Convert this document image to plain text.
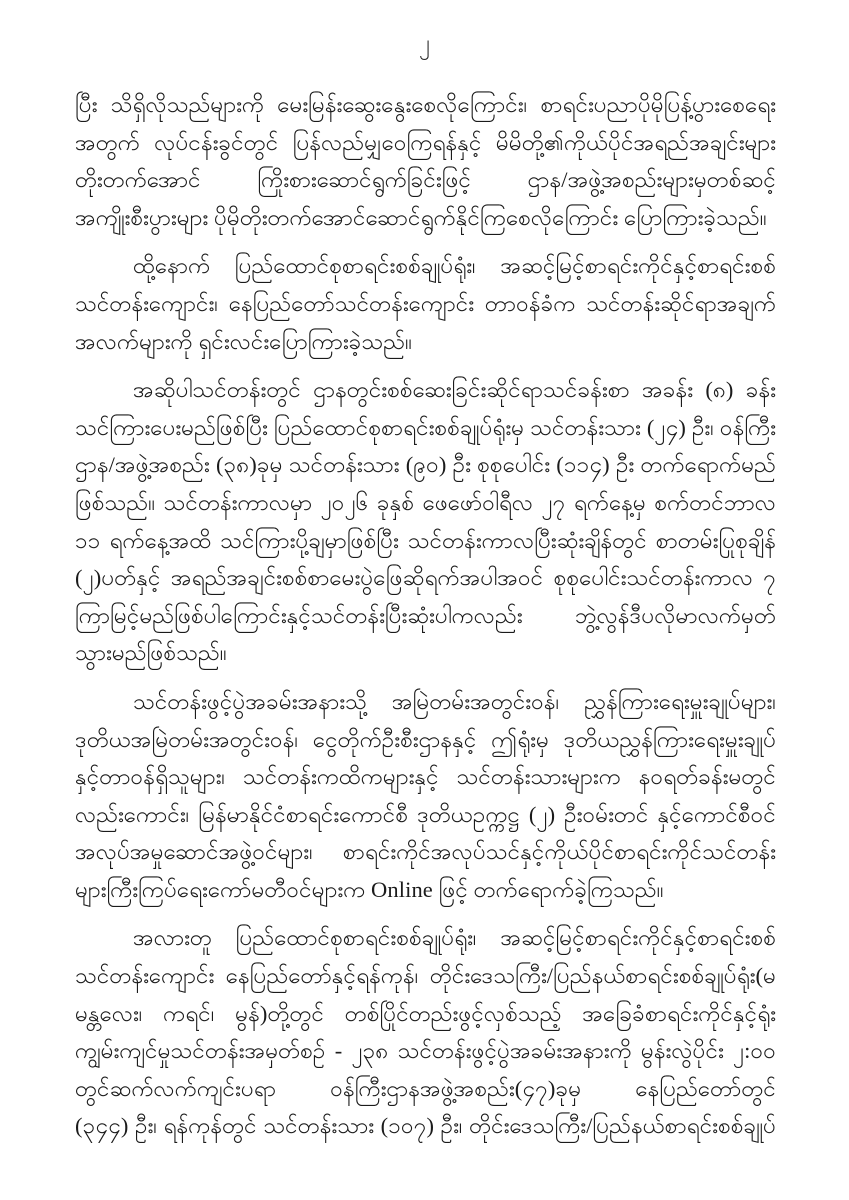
၂
ပြီး သိရှိလိုသည်များကို မေးမြန်းဆွေးနွေးစေလိုကြောင်း၊ စာရင်းပညာပိုမိုပြန့်ပွားစေရေး
အတွက် လုပ်ငန်းခွင်တွင် ပြန်လည်မျှဝေကြရန်နှင့် မိမိတို့၏ကိုယ်ပိုင်အရည်အချင်းများ
တိုးတက်အောင် ကြိုးစားဆောင်ရွက်ခြင်းဖြင့် ဌာန/အဖွဲ့အစည်းများမှတစ်ဆင့်
အကျိုးစီးပွားများ ပိုမိုတိုးတက်အောင်ဆောင်ရွက်နိုင်ကြစေလိုကြောင်း ပြောကြားခဲ့သည်။
ထို့နောက် ပြည်ထောင်စုစာရင်းစစ်ချုပ်ရုံး၊ အဆင့်မြင့်စာရင်းကိုင်နှင့်စာရင်းစစ်
သင်တန်းကျောင်း၊ နေပြည်တော်သင်တန်းကျောင်း တာဝန်ခံက သင်တန်းဆိုင်ရာအချက်
အလက်များကို ရှင်းလင်းပြောကြားခဲ့သည်။
အဆိုပါသင်တန်းတွင် ဌာနတွင်းစစ်ဆေးခြင်းဆိုင်ရာသင်ခန်းစာ အခန်း (၈) ခန်း
သင်ကြားပေးမည်ဖြစ်ပြီး ပြည်ထောင်စုစာရင်းစစ်ချုပ်ရုံးမှ သင်တန်းသား (၂၄) ဦး၊ ဝန်ကြီး
ဌာန/အဖွဲ့အစည်း (၃၈)ခုမှ သင်တန်းသား (၉၀) ဦး စုစုပေါင်း (၁၁၄) ဦး တက်ရောက်မည်
ဖြစ်သည်။ သင်တန်းကာလမှာ ၂၀၂၆ ခုနှစ် ဖေဖော်ဝါရီလ ၂၇ ရက်နေ့မှ စက်တင်ဘာလ
၁၁ ရက်နေ့အထိ သင်ကြားပို့ချမှာဖြစ်ပြီး သင်တန်းကာလပြီးဆုံးချိန်တွင် စာတမ်းပြုစုချိန်
(၂)ပတ်နှင့် အရည်အချင်းစစ်စာမေးပွဲဖြေဆိုရက်အပါအဝင် စုစုပေါင်းသင်တန်းကာလ ၇
ကြာမြင့်မည်ဖြစ်ပါကြောင်းနှင့်သင်တန်းပြီးဆုံးပါကလည်း ဘွဲ့လွန်ဒီပလိုမာလက်မှတ်
သွားမည်ဖြစ်သည်။
သင်တန်းဖွင့်ပွဲအခမ်းအနားသို့ အမြဲတမ်းအတွင်းဝန်၊ ညွှန်ကြားရေးမှူးချုပ်များ၊
ဒုတိယအမြဲတမ်းအတွင်းဝန်၊ ငွေတိုက်ဦးစီးဌာနနှင့် ဤရုံးမှ ဒုတိယညွှန်ကြားရေးမှူးချုပ်
နှင့်တာဝန်ရှိသူများ၊ သင်တန်းကထိကများနှင့် သင်တန်းသားများက နဝရတ်ခန်းမတွင်
လည်းကောင်း၊ မြန်မာနိုင်ငံစာရင်းကောင်စီ ဒုတိယဥက္ကဋ္ဌ (၂) ဦးဝမ်းတင် နှင့်ကောင်စီဝင်
အလုပ်အမှုဆောင်အဖွဲ့ဝင်များ၊ စာရင်းကိုင်အလုပ်သင်နှင့်ကိုယ်ပိုင်စာရင်းကိုင်သင်တန်း
များကြီးကြပ်ရေးကော်မတီဝင်များက Online ဖြင့် တက်ရောက်ခဲ့ကြသည်။
အလားတူ ပြည်ထောင်စုစာရင်းစစ်ချုပ်ရုံး၊ အဆင့်မြင့်စာရင်းကိုင်နှင့်စာရင်းစစ်
သင်တန်းကျောင်း နေပြည်တော်နှင့်ရန်ကုန်၊ တိုင်းဒေသကြီး/ပြည်နယ်စာရင်းစစ်ချုပ်ရုံး(မ
မန္တလေး၊ ကရင်၊ မွန်)တို့တွင် တစ်ပြိုင်တည်းဖွင့်လှစ်သည့် အခြေခံစာရင်းကိုင်နှင့်ရုံး
ကျွမ်းကျင်မှုသင်တန်းအမှတ်စဉ် - ၂၃၈ သင်တန်းဖွင့်ပွဲအခမ်းအနားကို မွန်းလွဲပိုင်း ၂:၀၀
တွင်ဆက်လက်ကျင်းပရာ ဝန်ကြီးဌာနအဖွဲ့အစည်း(၄၇)ခုမှ နေပြည်တော်တွင်
(၃၄၄) ဦး၊ ရန်ကုန်တွင် သင်တန်းသား (၁၀၇) ဦး၊ တိုင်းဒေသကြီး/ပြည်နယ်စာရင်းစစ်ချုပ်
